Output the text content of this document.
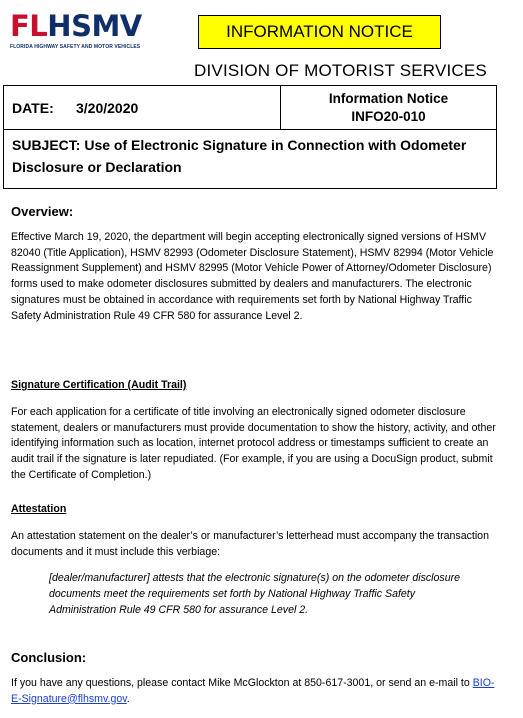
FL HSMV
FLORIDA HIGHWAY SAFETY AND MOTOR VEHICLES
INFORMATION NOTICE
DIVISION OF MOTORIST SERVICES
DATE:	3/20/2020
Information Notice
INFO20-010
SUBJECT: Use of Electronic Signature in Connection with Odometer Disclosure or Declaration
Overview:
Effective March 19, 2020, the department will begin accepting electronically signed versions of HSMV 82040 (Title Application), HSMV 82993 (Odometer Disclosure Statement), HSMV 82994 (Motor Vehicle Reassignment Supplement) and HSMV 82995 (Motor Vehicle Power of Attorney/Odometer Disclosure) forms used to make odometer disclosures submitted by dealers and manufacturers. The electronic signatures must be obtained in accordance with requirements set forth by National Highway Traffic Safety Administration Rule 49 CFR 580 for assurance Level 2.
Signature Certification (Audit Trail)
For each application for a certificate of title involving an electronically signed odometer disclosure statement, dealers or manufacturers must provide documentation to show the history, activity, and other identifying information such as location, internet protocol address or timestamps sufficient to create an audit trail if the signature is later repudiated. (For example, if you are using a DocuSign product, submit the Certificate of Completion.)
Attestation
An attestation statement on the dealer’s or manufacturer’s letterhead must accompany the transaction documents and it must include this verbiage:
[dealer/manufacturer] attests that the electronic signature(s) on the odometer disclosure documents meet the requirements set forth by National Highway Traffic Safety Administration Rule 49 CFR 580 for assurance Level 2.
Conclusion:
If you have any questions, please contact Mike McGlockton at 850-617-3001, or send an e-mail to BIO-E-Signature@flhsmv.gov.
